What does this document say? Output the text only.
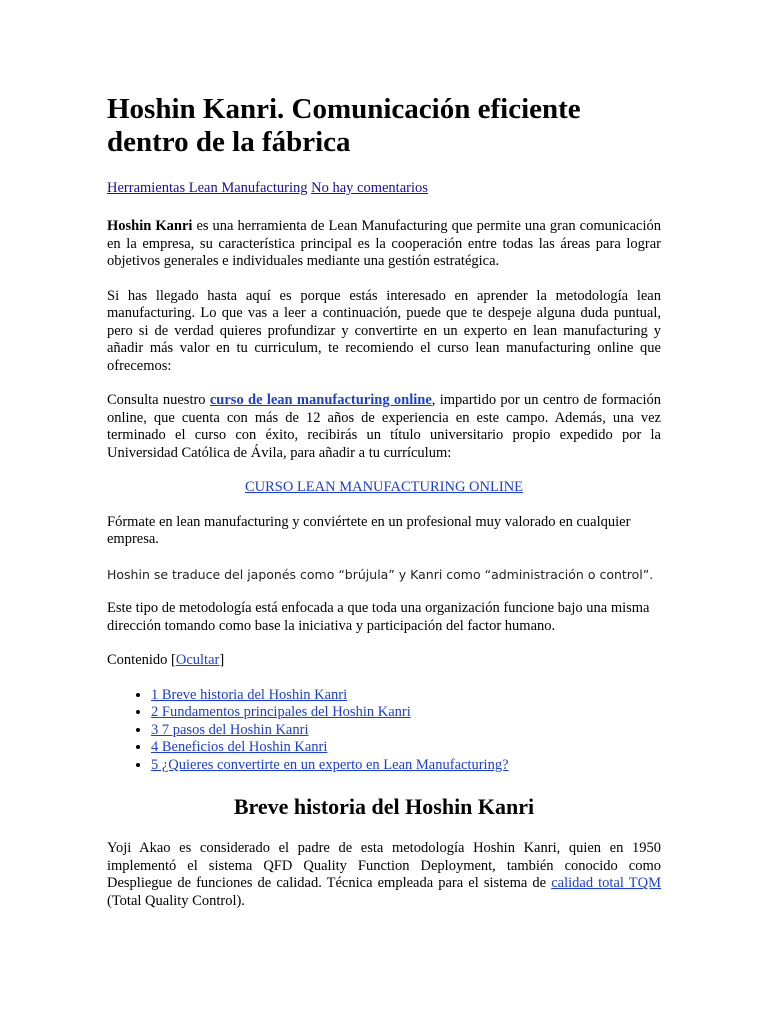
Hoshin Kanri. Comunicación eficiente dentro de la fábrica
Herramientas Lean Manufacturing No hay comentarios

Hoshin Kanri es una herramienta de Lean Manufacturing que permite una gran comunicación en la empresa, su característica principal es la cooperación entre todas las áreas para lograr objetivos generales e individuales mediante una gestión estratégica.

Si has llegado hasta aquí es porque estás interesado en aprender la metodología lean manufacturing. Lo que vas a leer a continuación, puede que te despeje alguna duda puntual, pero si de verdad quieres profundizar y convertirte en un experto en lean manufacturing y añadir más valor en tu curriculum, te recomiendo el curso lean manufacturing online que ofrecemos:

Consulta nuestro curso de lean manufacturing online, impartido por un centro de formación online, que cuenta con más de 12 años de experiencia en este campo. Además, una vez terminado el curso con éxito, recibirás un título universitario propio expedido por la Universidad Católica de Ávila, para añadir a tu currículum:

CURSO LEAN MANUFACTURING ONLINE

Fórmate en lean manufacturing y conviértete en un profesional muy valorado en cualquier empresa.

Hoshin se traduce del japonés como “brújula” y Kanri como “administración o control”.

Este tipo de metodología está enfocada a que toda una organización funcione bajo una misma dirección tomando como base la iniciativa y participación del factor humano.

Contenido [Ocultar]

• 1 Breve historia del Hoshin Kanri
• 2 Fundamentos principales del Hoshin Kanri
• 3 7 pasos del Hoshin Kanri
• 4 Beneficios del Hoshin Kanri
• 5 ¿Quieres convertirte en un experto en Lean Manufacturing?
Breve historia del Hoshin Kanri

Yoji Akao es considerado el padre de esta metodología Hoshin Kanri, quien en 1950 implementó el sistema QFD Quality Function Deployment, también conocido como Despliegue de funciones de calidad. Técnica empleada para el sistema de calidad total TQM (Total Quality Control).
